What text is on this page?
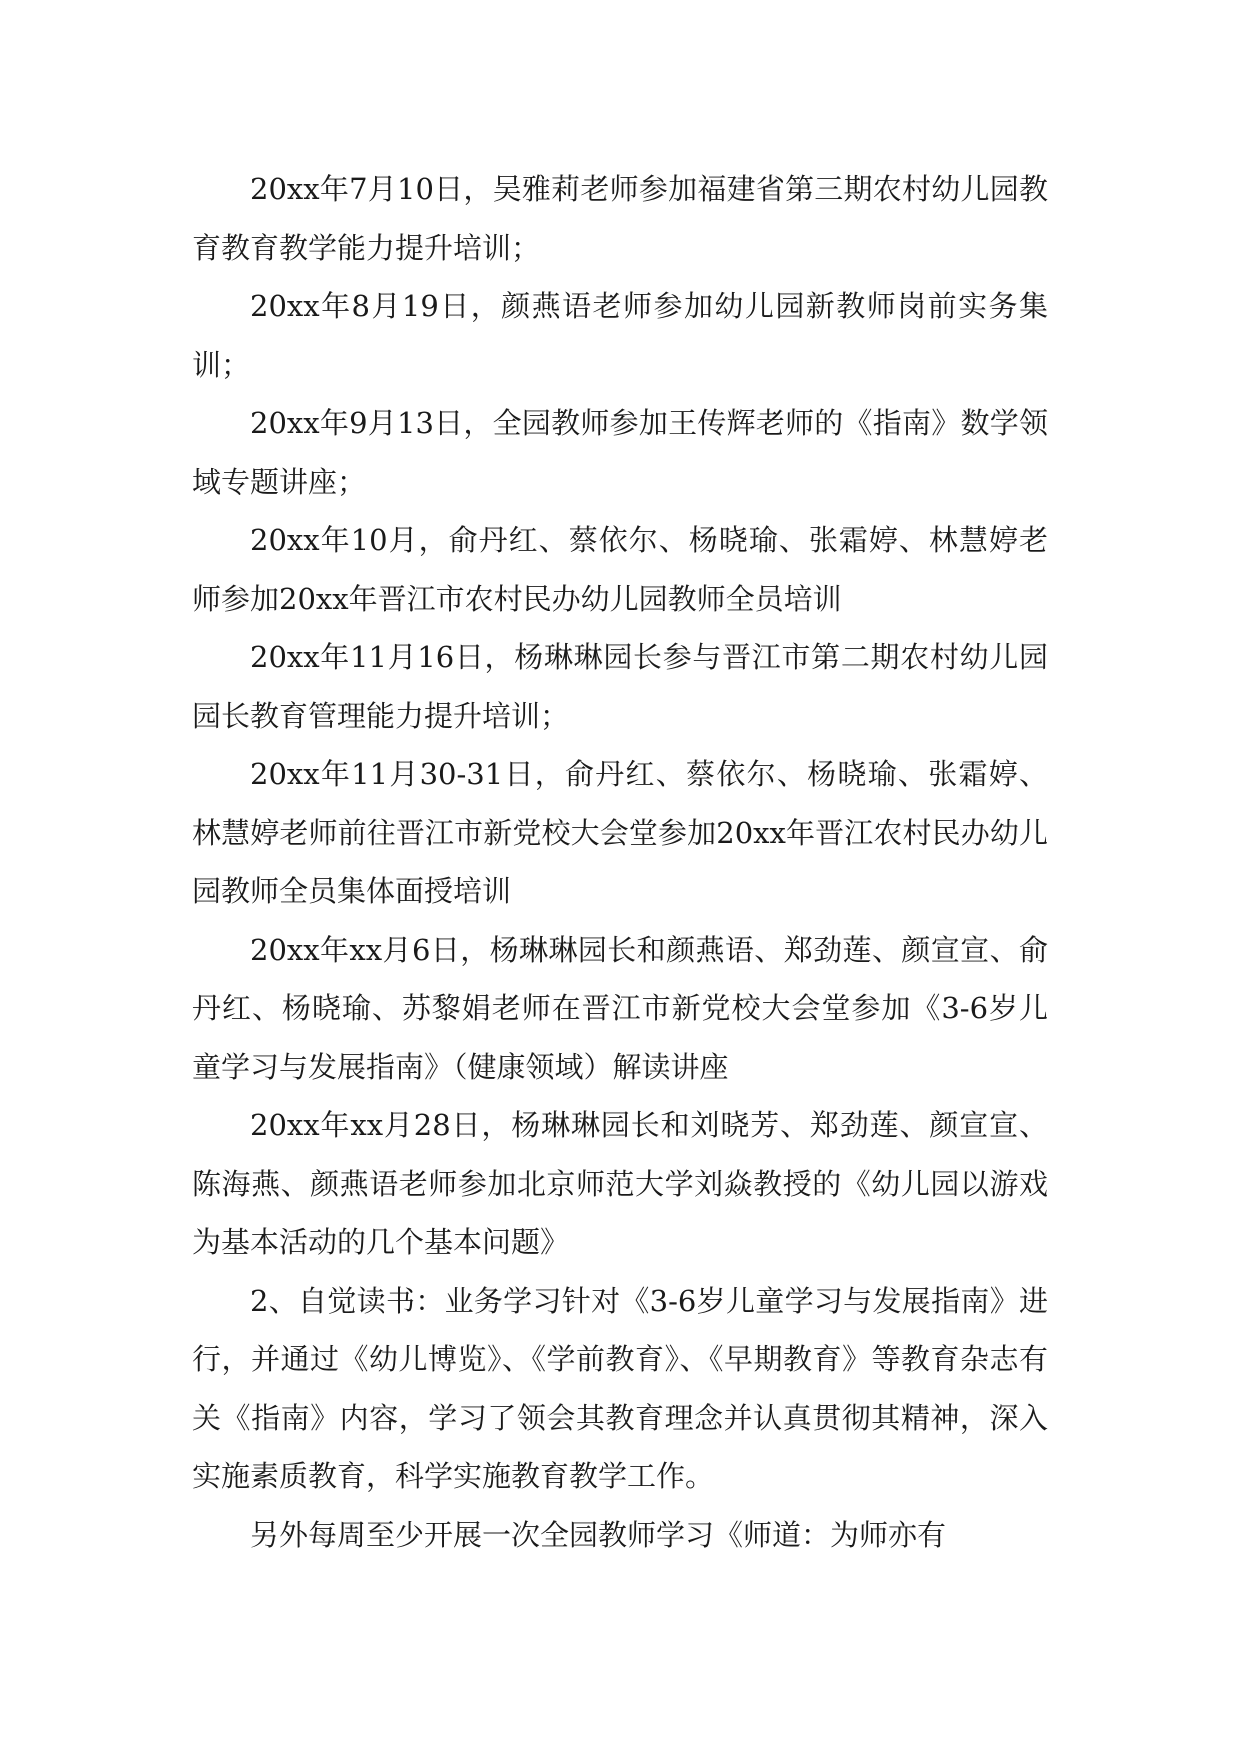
20xx年7月10日，吴雅莉老师参加福建省第三期农村幼儿园教育教育教学能力提升培训；

20xx年8月19日，颜燕语老师参加幼儿园新教师岗前实务集训；

20xx年9月13日，全园教师参加王传辉老师的《指南》数学领域专题讲座；

20xx年10月，俞丹红、蔡依尔、杨晓瑜、张霜婷、林慧婷老师参加20xx年晋江市农村民办幼儿园教师全员培训

20xx年11月16日，杨琳琳园长参与晋江市第二期农村幼儿园园长教育管理能力提升培训；

20xx年11月30-31日，俞丹红、蔡依尔、杨晓瑜、张霜婷、林慧婷老师前往晋江市新党校大会堂参加20xx年晋江农村民办幼儿园教师全员集体面授培训

20xx年xx月6日，杨琳琳园长和颜燕语、郑劲莲、颜宣宣、俞丹红、杨晓瑜、苏黎娟老师在晋江市新党校大会堂参加《3-6岁儿童学习与发展指南》（健康领域）解读讲座

20xx年xx月28日，杨琳琳园长和刘晓芳、郑劲莲、颜宣宣、陈海燕、颜燕语老师参加北京师范大学刘焱教授的《幼儿园以游戏为基本活动的几个基本问题》

2、自觉读书：业务学习针对《3-6岁儿童学习与发展指南》进行，并通过《幼儿博览》、《学前教育》、《早期教育》等教育杂志有关《指南》内容，学习了领会其教育理念并认真贯彻其精神，深入实施素质教育，科学实施教育教学工作。

另外每周至少开展一次全园教师学习《师道：为师亦有
